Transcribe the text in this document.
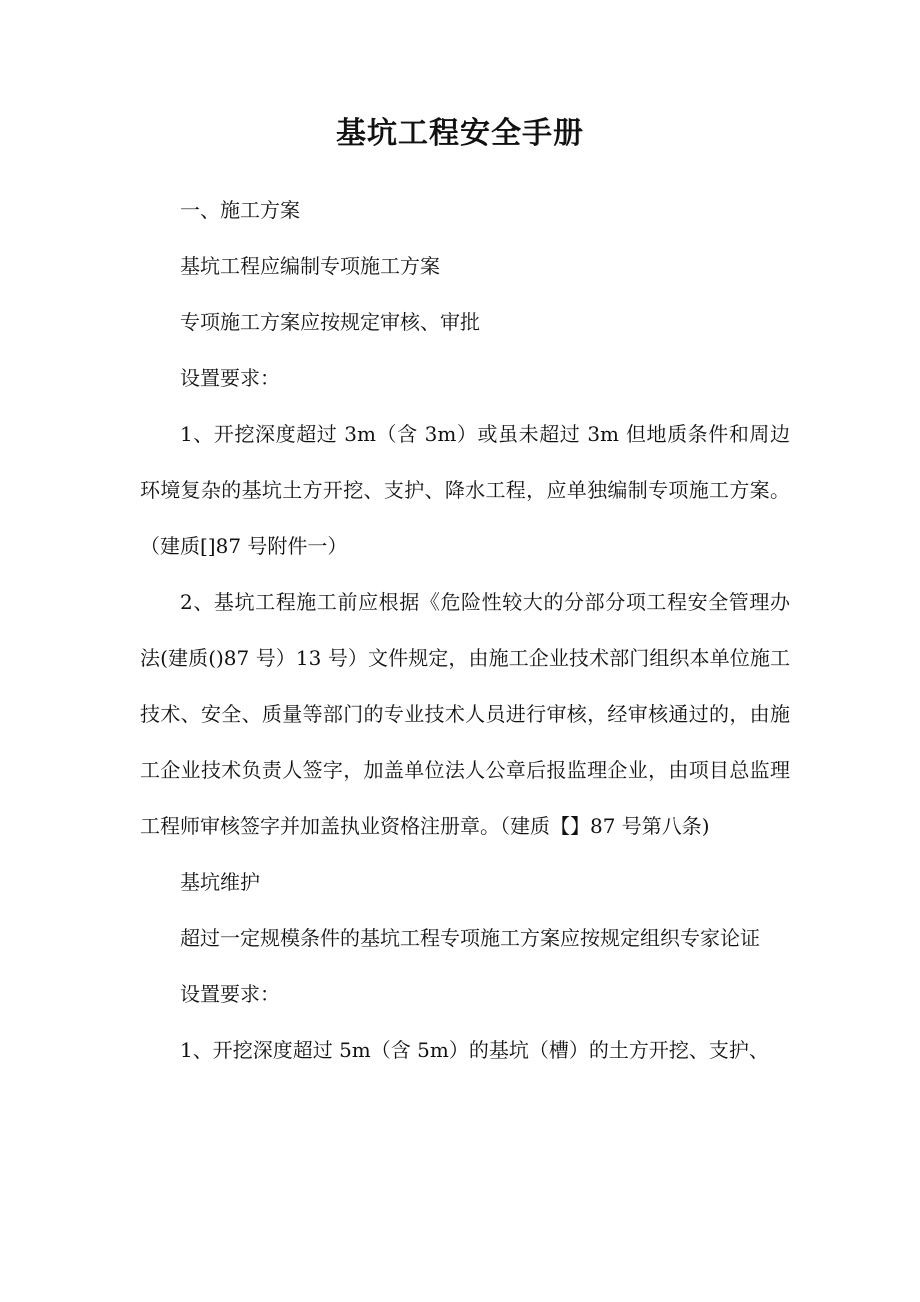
基坑工程安全手册

一、施工方案

基坑工程应编制专项施工方案

专项施工方案应按规定审核、审批

设置要求：

1、开挖深度超过 3m（含 3m）或虽未超过 3m 但地质条件和周边环境复杂的基坑土方开挖、支护、降水工程，应单独编制专项施工方案。（建质[]87 号附件一）

2、基坑工程施工前应根据《危险性较大的分部分项工程安全管理办法(建质()87 号）13 号）文件规定，由施工企业技术部门组织本单位施工技术、安全、质量等部门的专业技术人员进行审核，经审核通过的，由施工企业技术负责人签字，加盖单位法人公章后报监理企业，由项目总监理工程师审核签字并加盖执业资格注册章。（建质【】87 号第八条)

基坑维护

超过一定规模条件的基坑工程专项施工方案应按规定组织专家论证

设置要求：

1、开挖深度超过 5m（含 5m）的基坑（槽）的土方开挖、支护、
